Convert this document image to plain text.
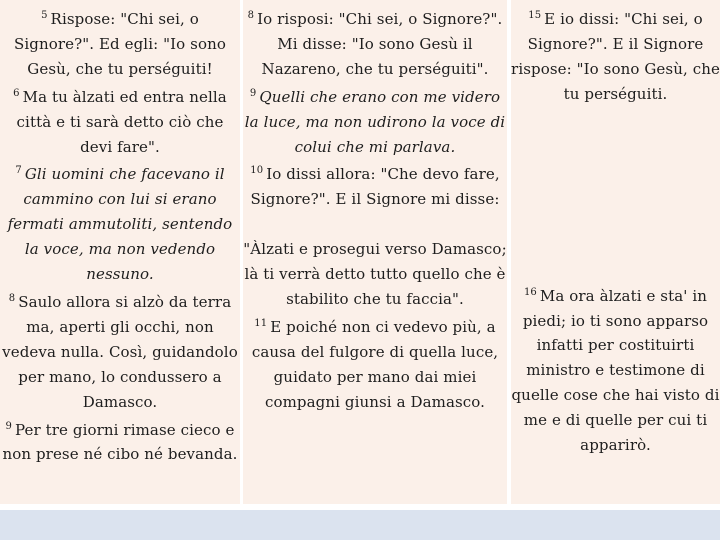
$^5$ Rispose: "Chi sei, o Signore?". Ed egli: "Io sono Gesù, che tu perséguiti!
$^6$ Ma tu àlzati ed entra nella città e ti sarà detto ciò che devi fare".
$^7$ Gli uomini che facevano il cammino con lui si erano fermati ammutoliti, sentendo la voce, ma non vedendo nessuno.
$^8$ Saulo allora si alzò da terra ma, aperti gli occhi, non vedeva nulla. Così, guidandolo per mano, lo condussero a Damasco.
$^9$ Per tre giorni rimase cieco e non prese né cibo né bevanda.
$^8$ Io risposi: "Chi sei, o Signore?". Mi disse: "Io sono Gesù il Nazareno, che tu perséguiti".
$^9$ Quelli che erano con me videro la luce, ma non udirono la voce di colui che mi parlava.
$^{10}$ Io dissi allora: "Che devo fare, Signore?". E il Signore mi disse:
"Àlzati e prosegui verso Damasco; là ti verrà detto tutto quello che è stabilito che tu faccia".
$^{11}$ E poiché non ci vedevo più, a causa del fulgore di quella luce, guidato per mano dai miei compagni giunsi a Damasco.
$^{15}$ E io dissi: "Chi sei, o Signore?". E il Signore rispose: "Io sono Gesù, che tu perséguiti.
$^{16}$ Ma ora àlzati e sta' in piedi; io ti sono apparso infatti per costituirti ministro e testimone di quelle cose che hai visto di me e di quelle per cui ti apparirò.
